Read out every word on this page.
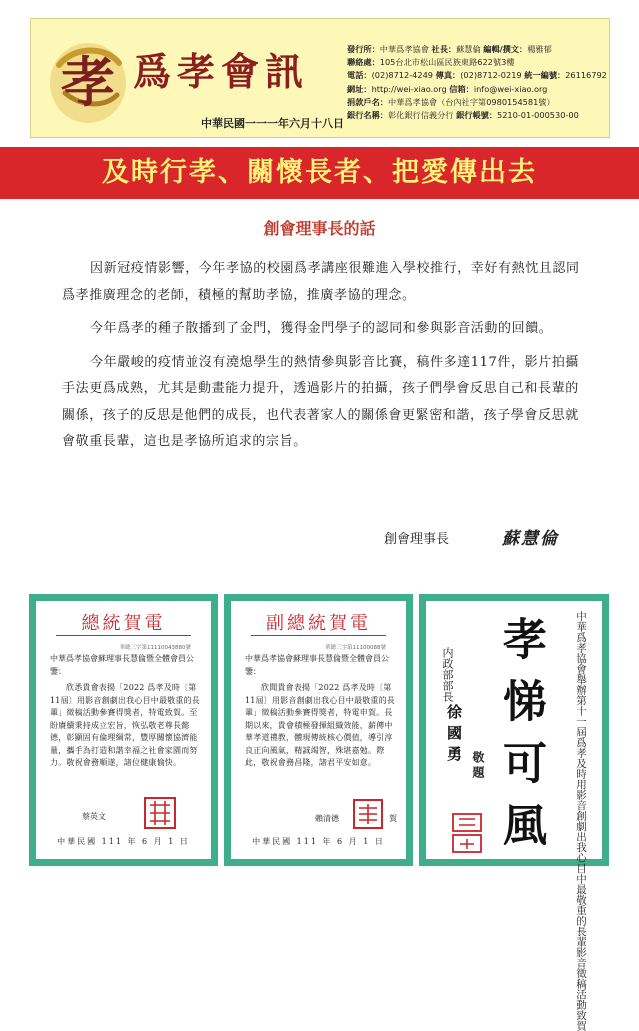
孝 爲孝會訊
中華民國一一一年六月十八日
發行所：中華爲孝協會 社長：蘇慧倫 編輯/撰文：楊雅郁
聯絡處：105台北市松山區民族東路622號3樓
電話：(02)8712-4249 傳真：(02)8712-0219 統一編號：26116792
網址：http://wei-xiao.org 信箱：info@wei-xiao.org
捐款戶名：中華爲孝協會（台內社字第0980154581號）
銀行名稱：彰化銀行信義分行 銀行帳號：5210-01-000530-00
及時行孝、關懷長者、把愛傳出去
創會理事長的話

因新冠疫情影響，今年孝協的校園爲孝講座很難進入學校推行，幸好有熱忱且認同爲孝推廣理念的老師，積極的幫助孝協，推廣孝協的理念。

今年爲孝的種子散播到了金門，獲得金門學子的認同和參與影音活動的回饋。

今年嚴峻的疫情並沒有澆熄學生的熱情參與影音比賽，稿件多達117件，影片拍攝手法更爲成熟，尤其是動畫能力提升，透過影片的拍攝，孩子們學會反思自己和長輩的關係，孩子的反思是他們的成長，也代表著家人的關係會更緊密和諧，孩子學會反思就會敬重長輩，這也是孝協所追求的宗旨。

創會理事長	蘇慧倫
總統賀電
華總三字第11110043880號
中華爲孝協會蘇理事長慧倫暨全體會員公鑒：
欣悉貴會表揚「2022 爲孝及時〔第11屆〕用影音創劇出我心目中最敬重的長輩」徵稿活動參賽得獎者，特電致賀。至盼賡續秉持成立宏旨，恢弘敬老尊長懿德，彰顯固有倫理綱常，豐厚關懷協濟能量，攜手為打造和諧幸福之社會家園而努力。敬祝會務順遂，諸位健康愉快。
蔡英文
中華民國 111 年 6 月 1 日
副總統賀電
華總三字第11100088號
中華爲孝協會蘇理事長慧倫暨全體會員公鑒：
欣聞貴會表揚「2022 爲孝及時〔第11屆〕用影音創劇出我心目中最敬重的長輩」徵稿活動參賽得獎者，特電申賀。長期以來，貴會積極發揮組織效能，薪傳中華孝道禮教，體現傳統核心價值，導引淳良正向風氣，精誠竭智，殊堪嘉勉。際此，敬祝會務昌隆，諸君平安如意。
賴清德	賀
中華民國 111 年 6 月 1 日	孝悌可風	中華爲孝協會舉辦第十一屆爲孝及時用影音創劇出我心目中最敬重的長輩影音徵稿活動致賀
内政部部長
徐國勇 敬題
